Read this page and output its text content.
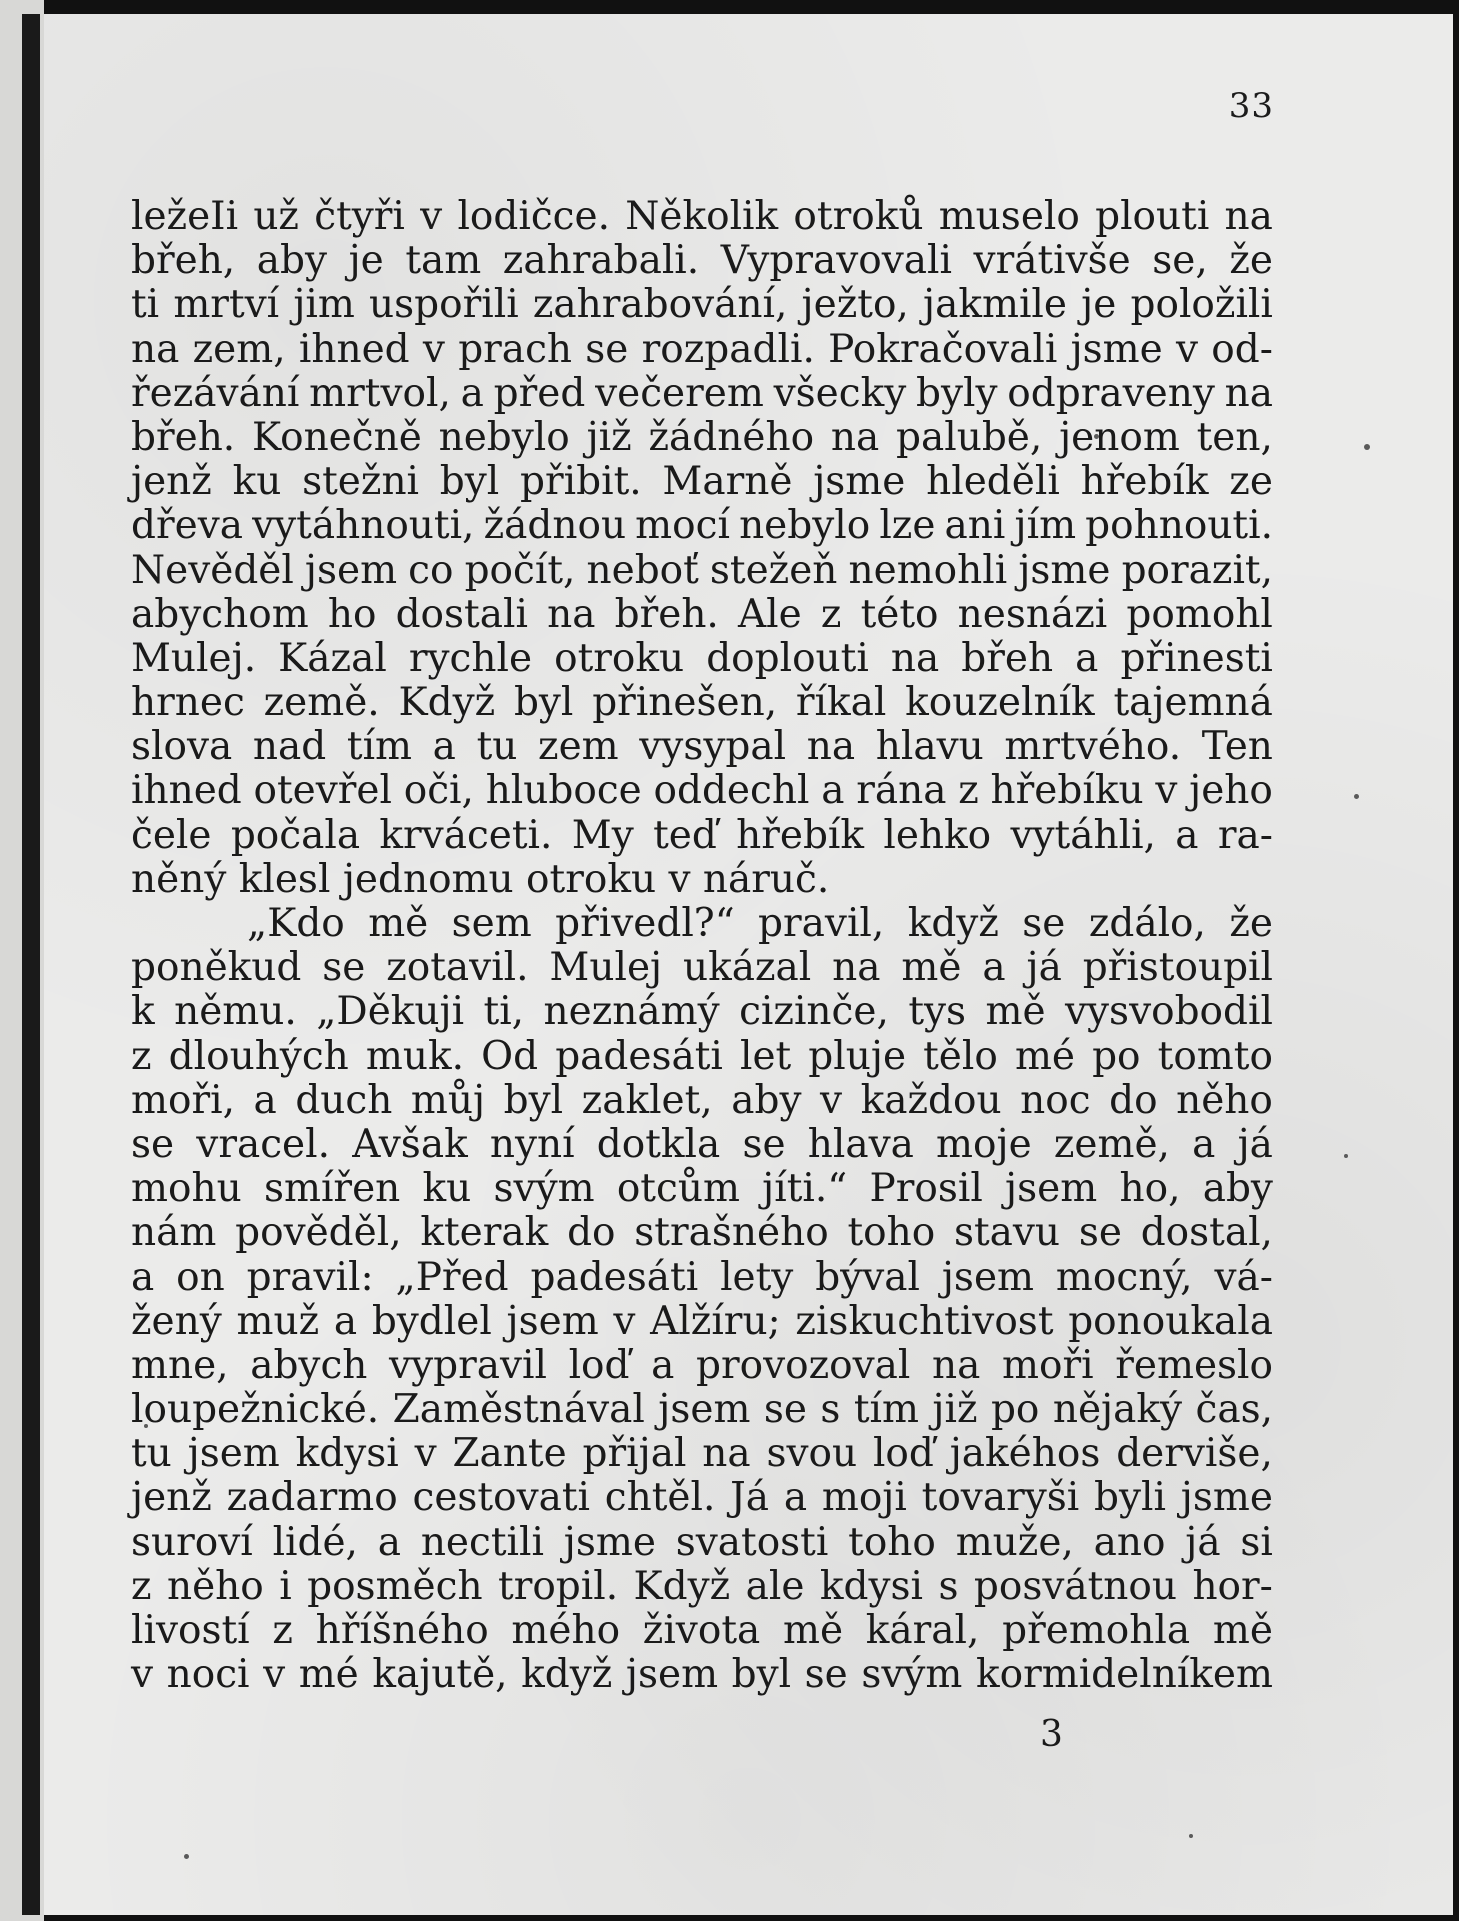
33
ležeIi už čtyři v lodičce. Několik otroků muselo plouti na
břeh, aby je tam zahrabali. Vypravovali vrátivše se, že
ti mrtví jim uspořili zahrabování, ježto, jakmile je položili
na zem, ihned v prach se rozpadli. Pokračovali jsme v od-
řezávání mrtvol, a před večerem všecky byly odpraveny na
břeh. Konečně nebylo již žádného na palubě, jenom ten,
jenž ku stežni byl přibit. Marně jsme hleděli hřebík ze
dřeva vytáhnouti, žádnou mocí nebylo lze ani jím pohnouti.
Nevěděl jsem co počít, neboť stežeň nemohli jsme porazit,
abychom ho dostali na břeh. Ale z této nesnázi pomohl
Mulej. Kázal rychle otroku doplouti na břeh a přinesti
hrnec země. Když byl přinešen, říkal kouzelník tajemná
slova nad tím a tu zem vysypal na hlavu mrtvého. Ten
ihned otevřel oči, hluboce oddechl a rána z hřebíku v jeho
čele počala krváceti. My teď hřebík lehko vytáhli, a ra-
něný klesl jednomu otroku v náruč.
„Kdo mě sem přivedl?“ pravil, když se zdálo, že
poněkud se zotavil. Mulej ukázal na mě a já přistoupil
k němu. „Děkuji ti, neznámý cizinče, tys mě vysvobodil
z dlouhých muk. Od padesáti let pluje tělo mé po tomto
moři, a duch můj byl zaklet, aby v každou noc do něho
se vracel. Avšak nyní dotkla se hlava moje země, a já
mohu smířen ku svým otcům jíti.“ Prosil jsem ho, aby
nám pověděl, kterak do strašného toho stavu se dostal,
a on pravil: „Před padesáti lety býval jsem mocný, vá-
žený muž a bydlel jsem v Alžíru; ziskuchtivost ponoukala
mne, abych vypravil loď a provozoval na moři řemeslo
loupežnické. Zaměstnával jsem se s tím již po nějaký čas,
tu jsem kdysi v Zante přijal na svou loď jakéhos derviše,
jenž zadarmo cestovati chtěl. Já a moji tovaryši byli jsme
suroví lidé, a nectili jsme svatosti toho muže, ano já si
z něho i posměch tropil. Když ale kdysi s posvátnou hor-
livostí z hříšného mého života mě káral, přemohla mě
v noci v mé kajutě, když jsem byl se svým kormidelníkem
3
